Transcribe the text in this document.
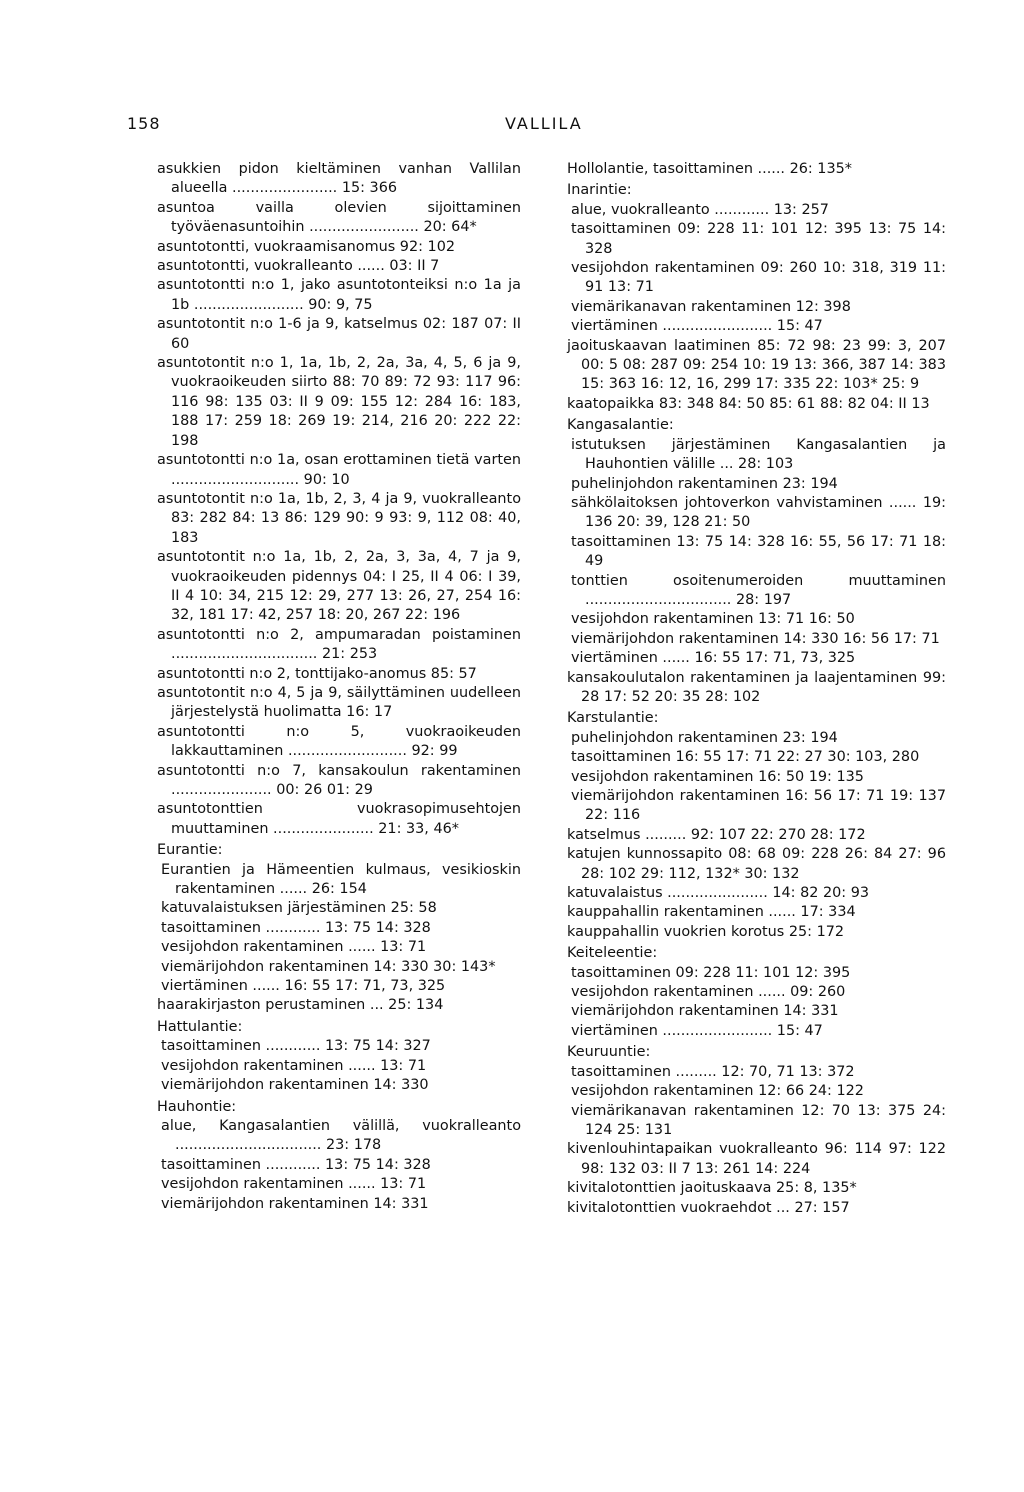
158	VALLILA
asukkien pidon kieltäminen vanhan Vallilan alueella ....................... 15: 366
asuntoa vailla olevien sijoittaminen työväenasuntoihin ........................ 20: 64*
asuntotontti, vuokraamisanomus 92: 102
asuntotontti, vuokralleanto ...... 03: II 7
asuntotontti n:o 1, jako asuntotonteiksi n:o 1a ja 1b ........................ 90: 9, 75
asuntotontit n:o 1-6 ja 9, katselmus 02: 187 07: II 60
asuntotontit n:o 1, 1a, 1b, 2, 2a, 3a, 4, 5, 6 ja 9, vuokraoikeuden siirto 88: 70 89: 72 93: 117 96: 116 98: 135 03: II 9 09: 155 12: 284 16: 183, 188 17: 259 18: 269 19: 214, 216 20: 222 22: 198
asuntotontti n:o 1a, osan erottaminen tietä varten ............................ 90: 10
asuntotontit n:o 1a, 1b, 2, 3, 4 ja 9, vuokralleanto 83: 282 84: 13 86: 129 90: 9 93: 9, 112 08: 40, 183
asuntotontit n:o 1a, 1b, 2, 2a, 3, 3a, 4, 7 ja 9, vuokraoikeuden pidennys 04: I 25, II 4 06: I 39, II 4 10: 34, 215 12: 29, 277 13: 26, 27, 254 16: 32, 181 17: 42, 257 18: 20, 267 22: 196
asuntotontti n:o 2, ampumaradan poistaminen ................................ 21: 253
asuntotontti n:o 2, tonttijako-anomus 85: 57
asuntotontit n:o 4, 5 ja 9, säilyttäminen uudelleen järjestelystä huolimatta 16: 17
asuntotontti n:o 5, vuokraoikeuden lakkauttaminen .......................... 92: 99
asuntotontti n:o 7, kansakoulun rakentaminen ...................... 00: 26 01: 29
asuntotonttien vuokrasopimusehtojen muuttaminen ...................... 21: 33, 46*
Eurantie:
Eurantien ja Hämeentien kulmaus, vesikioskin rakentaminen ...... 26: 154
katuvalaistuksen järjestäminen 25: 58
tasoittaminen ............ 13: 75 14: 328
vesijohdon rakentaminen ...... 13: 71
viemärijohdon rakentaminen 14: 330 30: 143*
viertäminen ...... 16: 55 17: 71, 73, 325
haarakirjaston perustaminen ... 25: 134
Hattulantie:
tasoittaminen ............ 13: 75 14: 327
vesijohdon rakentaminen ...... 13: 71
viemärijohdon rakentaminen 14: 330
Hauhontie:
alue, Kangasalantien välillä, vuokralleanto ................................ 23: 178
tasoittaminen ............ 13: 75 14: 328
vesijohdon rakentaminen ...... 13: 71
viemärijohdon rakentaminen 14: 331
Hollolantie, tasoittaminen ...... 26: 135*
Inarintie:
alue, vuokralleanto ............ 13: 257
tasoittaminen 09: 228 11: 101 12: 395 13: 75 14: 328
vesijohdon rakentaminen 09: 260 10: 318, 319 11: 91 13: 71
viemärikanavan rakentaminen 12: 398
viertäminen ........................ 15: 47
jaoituskaavan laatiminen 85: 72 98: 23 99: 3, 207 00: 5 08: 287 09: 254 10: 19 13: 366, 387 14: 383 15: 363 16: 12, 16, 299 17: 335 22: 103* 25: 9
kaatopaikka 83: 348 84: 50 85: 61 88: 82 04: II 13
Kangasalantie:
istutuksen järjestäminen Kangasalantien ja Hauhontien välille ... 28: 103
puhelinjohdon rakentaminen 23: 194
sähkölaitoksen johtoverkon vahvistaminen ...... 19: 136 20: 39, 128 21: 50
tasoittaminen 13: 75 14: 328 16: 55, 56 17: 71 18: 49
tonttien osoitenumeroiden muuttaminen ................................ 28: 197
vesijohdon rakentaminen 13: 71 16: 50
viemärijohdon rakentaminen 14: 330 16: 56 17: 71
viertäminen ...... 16: 55 17: 71, 73, 325
kansakoulutalon rakentaminen ja laajentaminen 99: 28 17: 52 20: 35 28: 102
Karstulantie:
puhelinjohdon rakentaminen 23: 194
tasoittaminen 16: 55 17: 71 22: 27 30: 103, 280
vesijohdon rakentaminen 16: 50 19: 135
viemärijohdon rakentaminen 16: 56 17: 71 19: 137 22: 116
katselmus ......... 92: 107 22: 270 28: 172
katujen kunnossapito 08: 68 09: 228 26: 84 27: 96 28: 102 29: 112, 132* 30: 132
katuvalaistus ...................... 14: 82 20: 93
kauppahallin rakentaminen ...... 17: 334
kauppahallin vuokrien korotus 25: 172
Keiteleentie:
tasoittaminen 09: 228 11: 101 12: 395
vesijohdon rakentaminen ...... 09: 260
viemärijohdon rakentaminen 14: 331
viertäminen ........................ 15: 47
Keuruuntie:
tasoittaminen ......... 12: 70, 71 13: 372
vesijohdon rakentaminen 12: 66 24: 122
viemärikanavan rakentaminen 12: 70 13: 375 24: 124 25: 131
kivenlouhintapaikan vuokralleanto 96: 114 97: 122 98: 132 03: II 7 13: 261 14: 224
kivitalotonttien jaoituskaava 25: 8, 135*
kivitalotonttien vuokraehdot ... 27: 157
